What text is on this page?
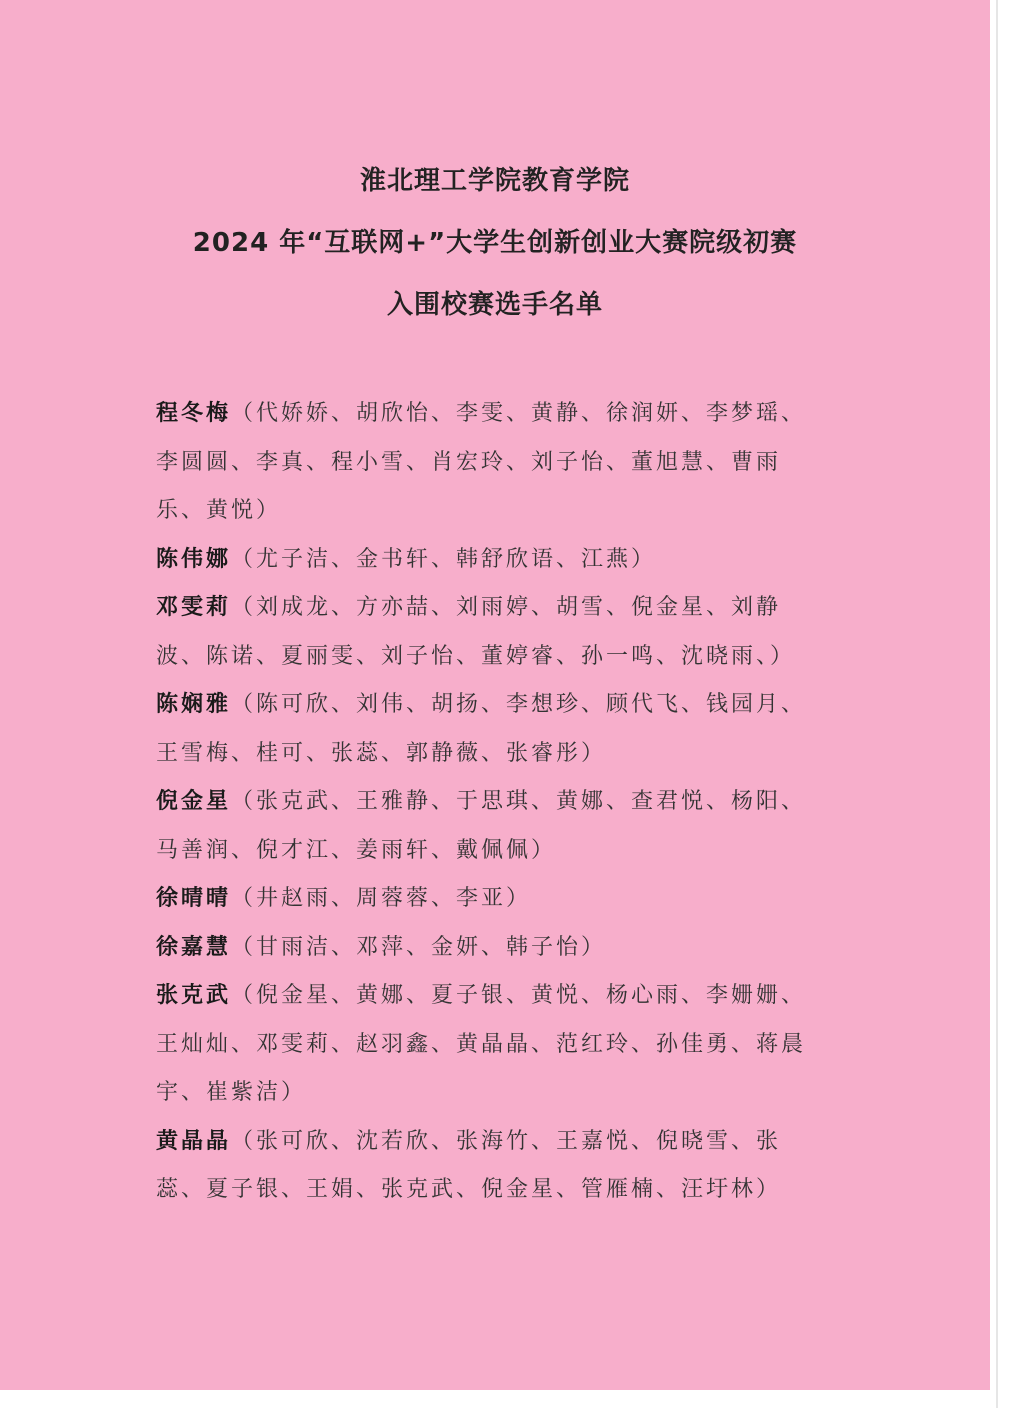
淮北理工学院教育学院
2024 年“互联网+”大学生创新创业大赛院级初赛
入围校赛选手名单

程冬梅（代娇娇、胡欣怡、李雯、黄静、徐润妍、李梦瑶、李圆圆、李真、程小雪、肖宏玲、刘子怡、董旭慧、曹雨乐、黄悦）

陈伟娜（尤子洁、金书轩、韩舒欣语、江燕）

邓雯莉（刘成龙、方亦喆、刘雨婷、胡雪、倪金星、刘静波、陈诺、夏丽雯、刘子怡、董婷睿、孙一鸣、沈晓雨、）

陈娴雅（陈可欣、刘伟、胡扬、李想珍、顾代飞、钱园月、王雪梅、桂可、张蕊、郭静薇、张睿彤）

倪金星（张克武、王雅静、于思琪、黄娜、查君悦、杨阳、马善润、倪才江、姜雨轩、戴佩佩）

徐晴晴（井赵雨、周蓉蓉、李亚）

徐嘉慧（甘雨洁、邓萍、金妍、韩子怡）

张克武（倪金星、黄娜、夏子银、黄悦、杨心雨、李姗姗、王灿灿、邓雯莉、赵羽鑫、黄晶晶、范红玲、孙佳勇、蒋晨宇、崔紫洁）

黄晶晶（张可欣、沈若欣、张海竹、王嘉悦、倪晓雪、张蕊、夏子银、王娟、张克武、倪金星、管雁楠、汪圩林）
